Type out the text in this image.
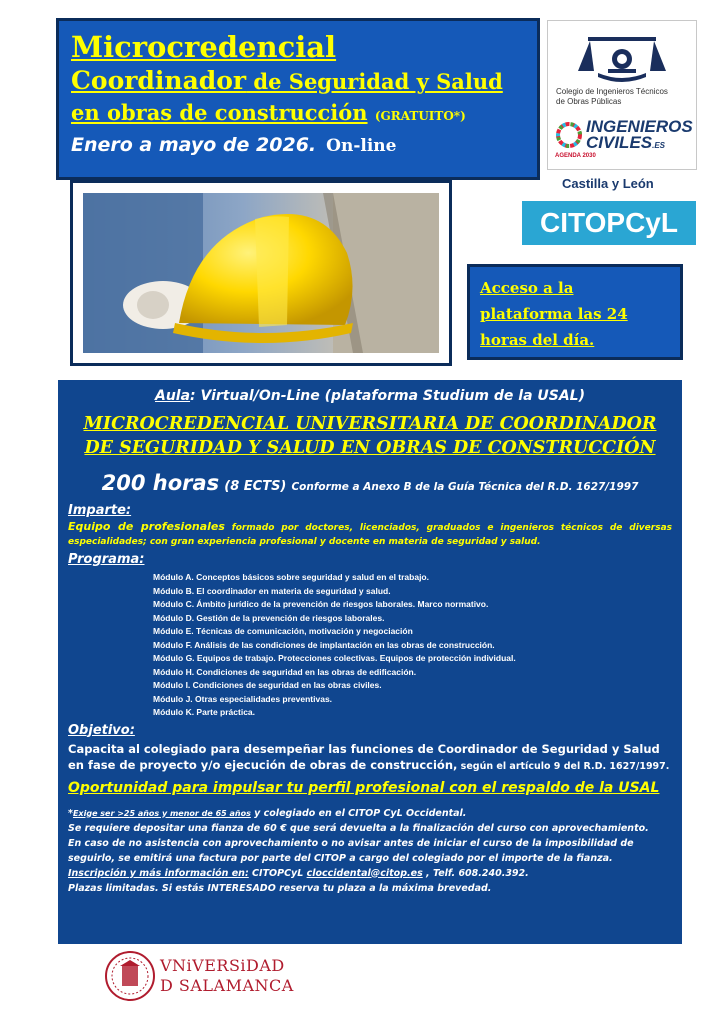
Microcredencial
Coordinador de Seguridad y Salud
en obras de construcción (GRATUITO*)
Enero a mayo de 2026. On-line
Colegio de Ingenieros Técnicos
de Obras Públicas
AGENDA 2030
INGENIEROS
CIVILES.ES
Castilla y León
CITOPCyL
Acceso a la
plataforma las 24
horas del día.
Aula: Virtual/On-Line (plataforma Studium de la USAL)
MICROCREDENCIAL UNIVERSITARIA DE COORDINADOR
DE SEGURIDAD Y SALUD EN OBRAS DE CONSTRUCCIÓN
200 horas (8 ECTS) Conforme a Anexo B de la Guía Técnica del R.D. 1627/1997
Imparte:
Equipo de profesionales formado por doctores, licenciados, graduados e ingenieros técnicos de diversas especialidades; con gran experiencia profesional y docente en materia de seguridad y salud.
Programa:
Módulo A. Conceptos básicos sobre seguridad y salud en el trabajo.
Módulo B. El coordinador en materia de seguridad y salud.
Módulo C. Ámbito jurídico de la prevención de riesgos laborales. Marco normativo.
Módulo D. Gestión de la prevención de riesgos laborales.
Módulo E. Técnicas de comunicación, motivación y negociación
Módulo F. Análisis de las condiciones de implantación en las obras de construcción.
Módulo G. Equipos de trabajo. Protecciones colectivas. Equipos de protección individual.
Módulo H. Condiciones de seguridad en las obras de edificación.
Módulo I. Condiciones de seguridad en las obras civiles.
Módulo J. Otras especialidades preventivas.
Módulo K. Parte práctica.
Objetivo:
Capacita al colegiado para desempeñar las funciones de Coordinador de Seguridad y Salud en fase de proyecto y/o ejecución de obras de construcción, según el artículo 9 del R.D. 1627/1997.
Oportunidad para impulsar tu perfil profesional con el respaldo de la USAL
*Exige ser >25 años y menor de 65 años y colegiado en el CITOP CyL Occidental.
Se requiere depositar una fianza de 60 € que será devuelta a la finalización del curso con aprovechamiento.
En caso de no asistencia con aprovechamiento o no avisar antes de iniciar el curso de la imposibilidad de seguirlo, se emitirá una factura por parte del CITOP a cargo del colegiado por el importe de la fianza.
Inscripción y más información en: CITOPCyL cloccidental@citop.es , Telf. 608.240.392.
Plazas limitadas. Si estás INTERESADO reserva tu plaza a la máxima brevedad.
VNiVERSiDAD
D SALAMANCA
